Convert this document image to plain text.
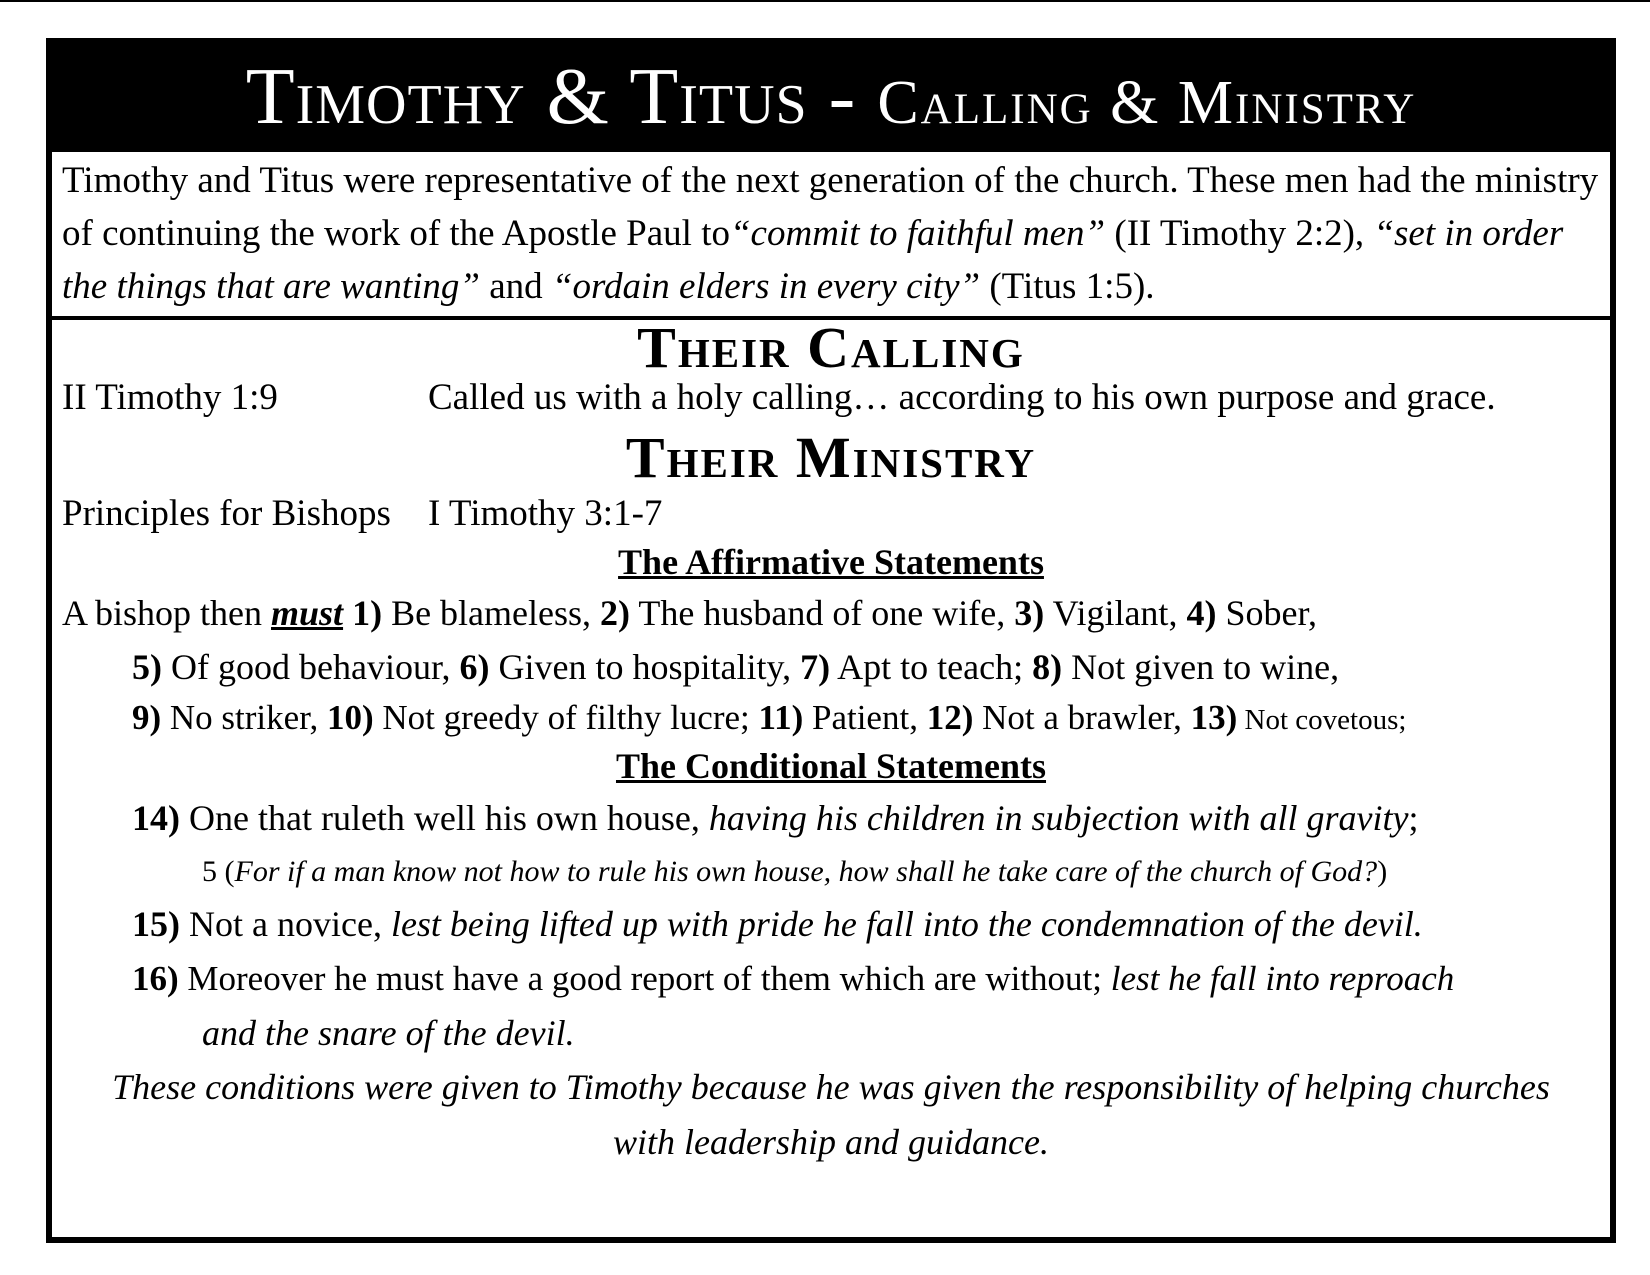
Timothy & Titus - Calling & Ministry
Timothy and Titus were representative of the next generation of the church. These men had the ministry of continuing the work of the Apostle Paul to“commit to faithful men” (II Timothy 2:2), “set in order the things that are wanting” and “ordain elders in every city” (Titus 1:5).
Their Calling
II Timothy 1:9	Called us with a holy calling… according to his own purpose and grace.
Their Ministry
Principles for Bishops I Timothy 3:1-7
The Affirmative Statements
A bishop then must 1) Be blameless, 2) The husband of one wife, 3) Vigilant, 4) Sober,
5) Of good behaviour, 6) Given to hospitality, 7) Apt to teach; 8) Not given to wine,
9) No striker, 10) Not greedy of filthy lucre; 11) Patient, 12) Not a brawler, 13) Not covetous;
The Conditional Statements
14) One that ruleth well his own house, having his children in subjection with all gravity;
5 (For if a man know not how to rule his own house, how shall he take care of the church of God?)
15) Not a novice, lest being lifted up with pride he fall into the condemnation of the devil.
16) Moreover he must have a good report of them which are without; lest he fall into reproach
and the snare of the devil.
These conditions were given to Timothy because he was given the responsibility of helping churches
with leadership and guidance.
